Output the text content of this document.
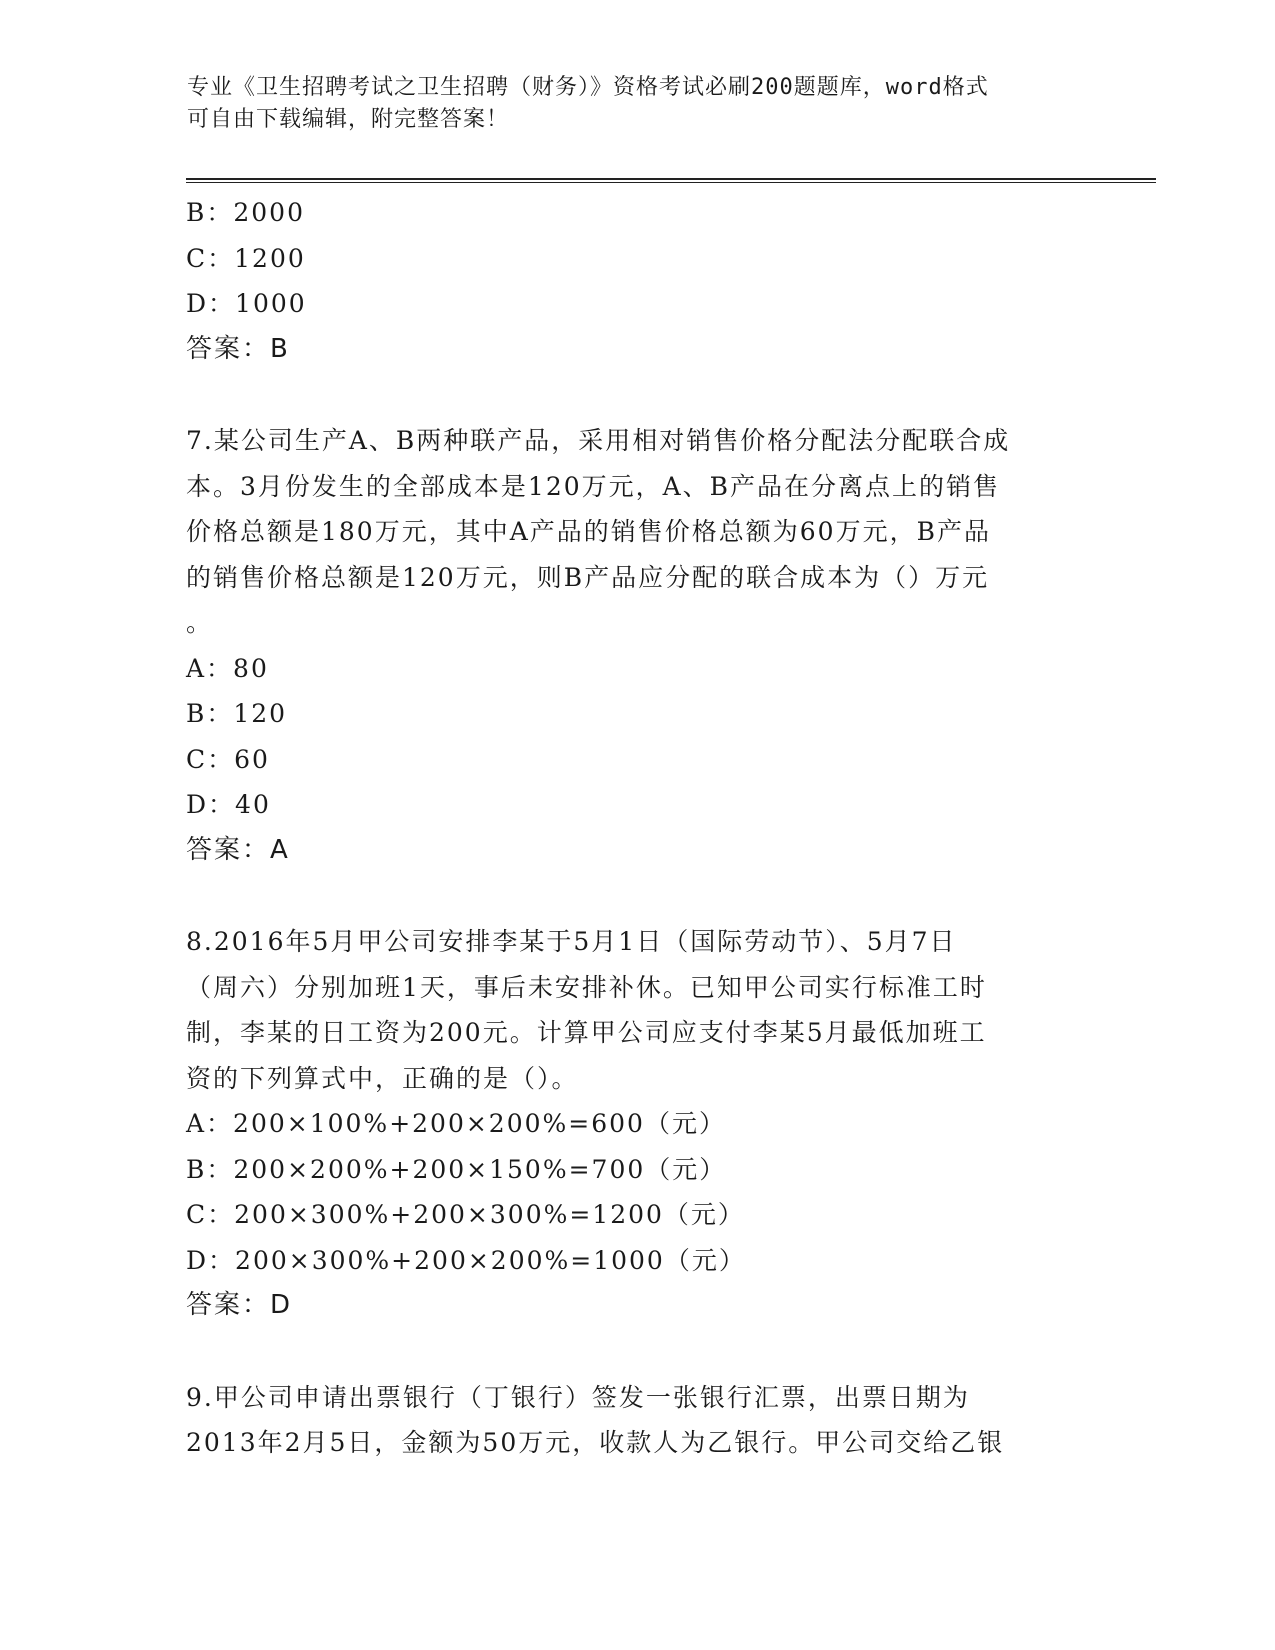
专业《卫生招聘考试之卫生招聘（财务）》资格考试必刷200题题库，word格式
可自由下载编辑，附完整答案！
B：2000
C：1200
D：1000
答案：B
7.某公司生产A、B两种联产品，采用相对销售价格分配法分配联合成
本。3月份发生的全部成本是120万元，A、B产品在分离点上的销售
价格总额是180万元，其中A产品的销售价格总额为60万元，B产品
的销售价格总额是120万元，则B产品应分配的联合成本为（）万元
。
A：80
B：120
C：60
D：40
答案：A
8.2016年5月甲公司安排李某于5月1日（国际劳动节）、5月7日
（周六）分别加班1天，事后未安排补休。已知甲公司实行标准工时
制，李某的日工资为200元。计算甲公司应支付李某5月最低加班工
资的下列算式中，正确的是（）。
A：200×100%+200×200%=600（元）
B：200×200%+200×150%=700（元）
C：200×300%+200×300%=1200（元）
D：200×300%+200×200%=1000（元）
答案：D
9.甲公司申请出票银行（丁银行）签发一张银行汇票，出票日期为
2013年2月5日，金额为50万元，收款人为乙银行。甲公司交给乙银
